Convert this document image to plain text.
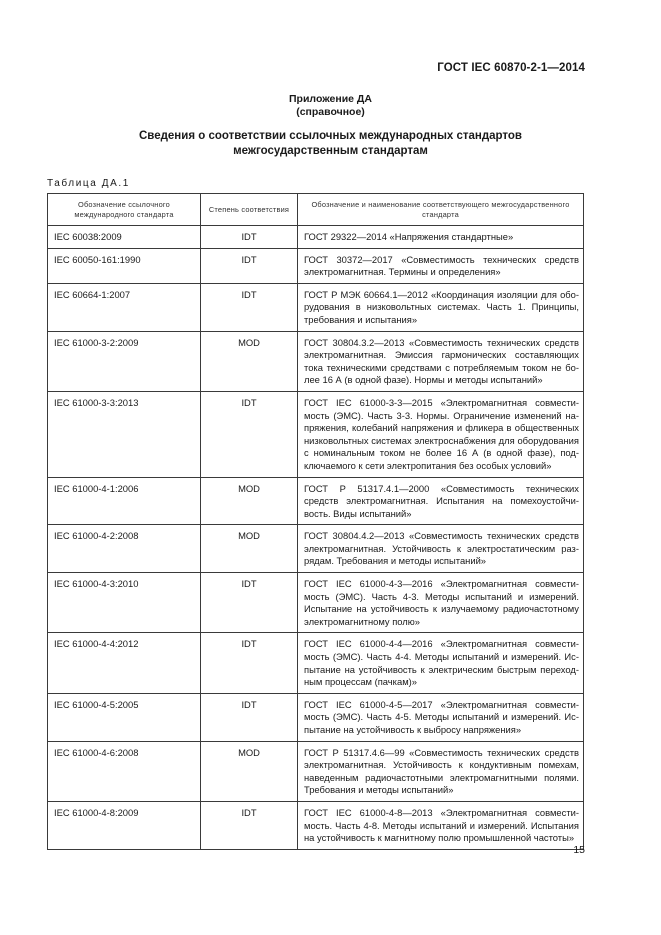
ГОСТ IEC 60870-2-1—2014
Приложение ДА
(справочное)
Сведения о соответствии ссылочных международных стандартов
межгосударственным стандартам
Таблица ДА.1
Обозначение ссылочного международного стандарта	Степень соответствия	Обозначение и наименование соответствующего межгосударственного стандарта
IEC 60038:2009	IDT	ГОСТ 29322—2014 «Напряжения стандартные»
IEC 60050-161:1990	IDT	ГОСТ 30372—2017 «Совместимость технических средств электромагнитная. Термины и определения»
IEC 60664-1:2007	IDT	ГОСТ Р МЭК 60664.1—2012 «Координация изоляции для оборудования в низковольтных системах. Часть 1. Принципы, требования и испытания»
IEC 61000-3-2:2009	MOD	ГОСТ 30804.3.2—2013 «Совместимость технических средств электромагнитная. Эмиссия гармонических составляющих тока техническими средствами с потребляемым током не более 16 А (в одной фазе). Нормы и методы испытаний»
IEC 61000-3-3:2013	IDT	ГОСТ IEC 61000-3-3—2015 «Электромагнитная совместимость (ЭМС). Часть 3-3. Нормы. Ограничение изменений напряжения, колебаний напряжения и фликера в общественных низковольтных системах электроснабжения для оборудования с номинальным током не более 16 А (в одной фазе), подключаемого к сети электропитания без особых условий»
IEC 61000-4-1:2006	MOD	ГОСТ Р 51317.4.1—2000 «Совместимость технических средств электромагнитная. Испытания на помехоустойчивость. Виды испытаний»
IEC 61000-4-2:2008	MOD	ГОСТ 30804.4.2—2013 «Совместимость технических средств электромагнитная. Устойчивость к электростатическим разрядам. Требования и методы испытаний»
IEC 61000-4-3:2010	IDT	ГОСТ IEC 61000-4-3—2016 «Электромагнитная совместимость (ЭМС). Часть 4-3. Методы испытаний и измерений. Испытание на устойчивость к излучаемому радиочастотному электромагнитному полю»
IEC 61000-4-4:2012	IDT	ГОСТ IEC 61000-4-4—2016 «Электромагнитная совместимость (ЭМС). Часть 4-4. Методы испытаний и измерений. Испытание на устойчивость к электрическим быстрым переходным процессам (пачкам)»
IEC 61000-4-5:2005	IDT	ГОСТ IEC 61000-4-5—2017 «Электромагнитная совместимость (ЭМС). Часть 4-5. Методы испытаний и измерений. Испытание на устойчивость к выбросу напряжения»
IEC 61000-4-6:2008	MOD	ГОСТ Р 51317.4.6—99 «Совместимость технических средств электромагнитная. Устойчивость к кондуктивным помехам, наведенным радиочастотными электромагнитными полями. Требования и методы испытаний»
IEC 61000-4-8:2009	IDT	ГОСТ IEC 61000-4-8—2013 «Электромагнитная совместимость. Часть 4-8. Методы испытаний и измерений. Испытания на устойчивость к магнитному полю промышленной частоты»
15
